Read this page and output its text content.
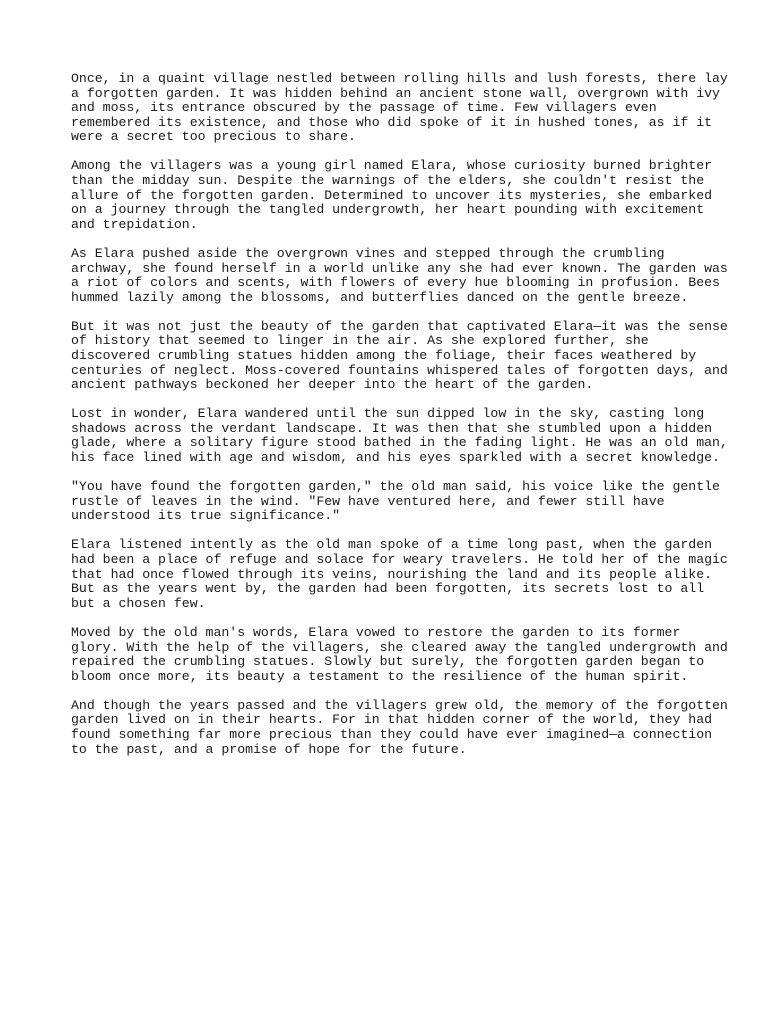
Once, in a quaint village nestled between rolling hills and lush forests, there lay
a forgotten garden. It was hidden behind an ancient stone wall, overgrown with ivy
and moss, its entrance obscured by the passage of time. Few villagers even
remembered its existence, and those who did spoke of it in hushed tones, as if it
were a secret too precious to share.

Among the villagers was a young girl named Elara, whose curiosity burned brighter
than the midday sun. Despite the warnings of the elders, she couldn't resist the
allure of the forgotten garden. Determined to uncover its mysteries, she embarked
on a journey through the tangled undergrowth, her heart pounding with excitement
and trepidation.

As Elara pushed aside the overgrown vines and stepped through the crumbling
archway, she found herself in a world unlike any she had ever known. The garden was
a riot of colors and scents, with flowers of every hue blooming in profusion. Bees
hummed lazily among the blossoms, and butterflies danced on the gentle breeze.

But it was not just the beauty of the garden that captivated Elara—it was the sense
of history that seemed to linger in the air. As she explored further, she
discovered crumbling statues hidden among the foliage, their faces weathered by
centuries of neglect. Moss-covered fountains whispered tales of forgotten days, and
ancient pathways beckoned her deeper into the heart of the garden.

Lost in wonder, Elara wandered until the sun dipped low in the sky, casting long
shadows across the verdant landscape. It was then that she stumbled upon a hidden
glade, where a solitary figure stood bathed in the fading light. He was an old man,
his face lined with age and wisdom, and his eyes sparkled with a secret knowledge.

"You have found the forgotten garden," the old man said, his voice like the gentle
rustle of leaves in the wind. "Few have ventured here, and fewer still have
understood its true significance."

Elara listened intently as the old man spoke of a time long past, when the garden
had been a place of refuge and solace for weary travelers. He told her of the magic
that had once flowed through its veins, nourishing the land and its people alike.
But as the years went by, the garden had been forgotten, its secrets lost to all
but a chosen few.

Moved by the old man's words, Elara vowed to restore the garden to its former
glory. With the help of the villagers, she cleared away the tangled undergrowth and
repaired the crumbling statues. Slowly but surely, the forgotten garden began to
bloom once more, its beauty a testament to the resilience of the human spirit.

And though the years passed and the villagers grew old, the memory of the forgotten
garden lived on in their hearts. For in that hidden corner of the world, they had
found something far more precious than they could have ever imagined—a connection
to the past, and a promise of hope for the future.
